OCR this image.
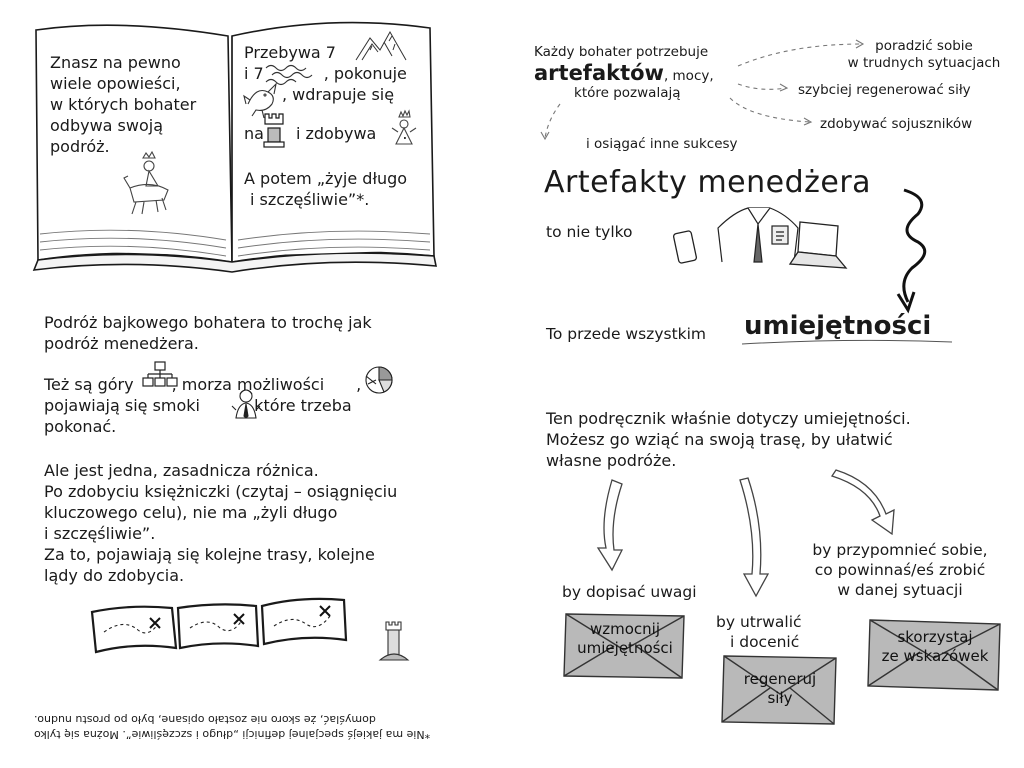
Znasz na pewno
wiele opowieści,
w których bohater
odbywa swoją
podróż.
Przebywa 7
i 7	, pokonuje
, wdrapuje się
na i zdobywa .
A potem „żyje długo
i szczęśliwie”*.
Podróż bajkowego bohatera to trochę jak
podróż menedżera.
Też są góry , morza możliwości ,
pojawiają się smoki	, które trzeba
pokonać.
Ale jest jedna, zasadnicza różnica.
Po zdobyciu księżniczki (czytaj – osiągnięciu
kluczowego celu), nie ma „żyli długo
i szczęśliwie”.
Za to, pojawiają się kolejne trasy, kolejne
lądy do zdobycia.
*Nie ma jakiejś specjalnej definicji „długo i szczęśliwie”. Można się tylko
domyślać, że skoro nie zostało opisane, było po prostu nudno.
Każdy bohater potrzebuje
artefaktów, mocy,
które pozwalają
poradzić sobie
w trudnych sytuacjach
szybciej regenerować siły
zdobywać sojuszników
i osiągać inne sukcesy
Artefakty menedżera
to nie tylko
To przede wszystkim umiejętności
Ten podręcznik właśnie dotyczy umiejętności.
Możesz go wziąć na swoją trasę, by ułatwić
własne podróże.
by dopisać uwagi
by utrwalić
i docenić
by przypomnieć sobie,
co powinnaś/eś zrobić
w danej sytuacji
wzmocnij
umiejętności
regeneruj
siły
skorzystaj
ze wskazówek
